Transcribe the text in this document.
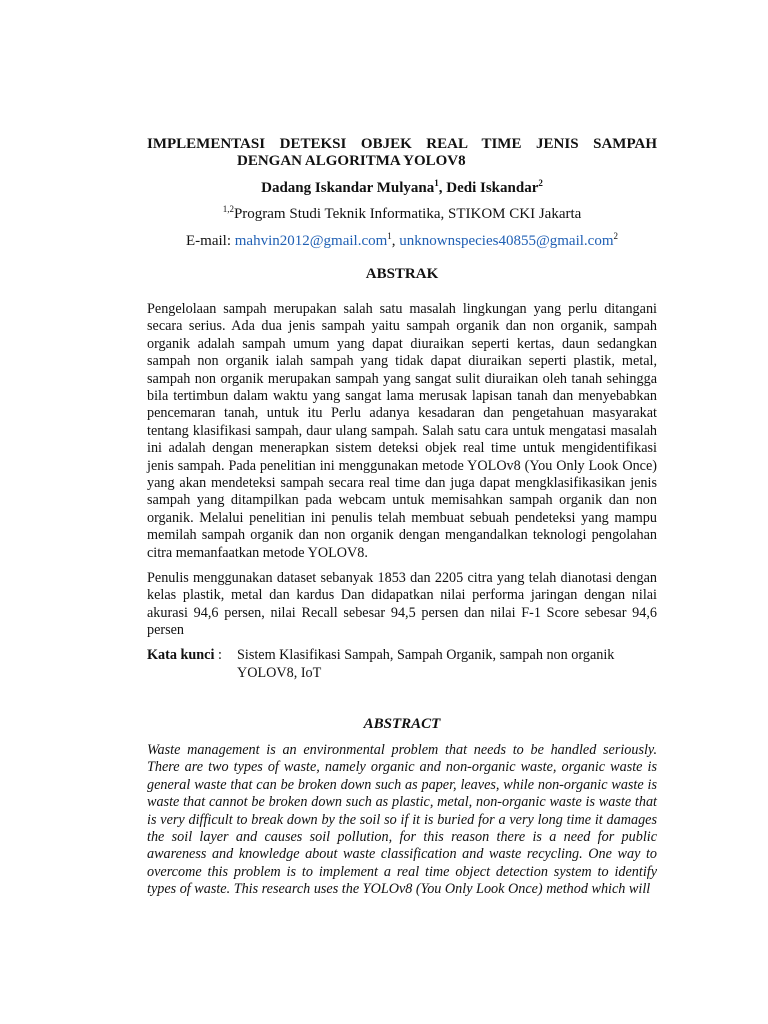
IMPLEMENTASI DETEKSI OBJEK REAL TIME JENIS SAMPAH
DENGAN ALGORITMA YOLOV8
Dadang Iskandar Mulyana$^1$, Dedi Iskandar$^2$
$^{1,2}$Program Studi Teknik Informatika, STIKOM CKI Jakarta
E-mail: mahvin2012@gmail.com$^1$, unknownspecies40855@gmail.com$^2$
ABSTRAK

Pengelolaan sampah merupakan salah satu masalah lingkungan yang perlu ditangani secara serius. Ada dua jenis sampah yaitu sampah organik dan non organik, sampah organik adalah sampah umum yang dapat diuraikan seperti kertas, daun sedangkan sampah non organik ialah sampah yang tidak dapat diuraikan seperti plastik, metal, sampah non organik merupakan sampah yang sangat sulit diuraikan oleh tanah sehingga bila tertimbun dalam waktu yang sangat lama merusak lapisan tanah dan menyebabkan pencemaran tanah, untuk itu Perlu adanya kesadaran dan pengetahuan masyarakat tentang klasifikasi sampah, daur ulang sampah. Salah satu cara untuk mengatasi masalah ini adalah dengan menerapkan sistem deteksi objek real time untuk mengidentifikasi jenis sampah. Pada penelitian ini menggunakan metode YOLOv8 (You Only Look Once) yang akan mendeteksi sampah secara real time dan juga dapat mengklasifikasikan jenis sampah yang ditampilkan pada webcam untuk memisahkan sampah organik dan non organik. Melalui penelitian ini penulis telah membuat sebuah pendeteksi yang mampu memilah sampah organik dan non organik dengan mengandalkan teknologi pengolahan citra memanfaatkan metode YOLOV8.

Penulis menggunakan dataset sebanyak 1853 dan 2205 citra yang telah dianotasi dengan kelas plastik, metal dan kardus Dan didapatkan nilai performa jaringan dengan nilai akurasi 94,6 persen, nilai Recall sebesar 94,5 persen dan nilai F-1 Score sebesar 94,6 persen

Kata kunci :	Sistem Klasifikasi Sampah, Sampah Organik, sampah non organik
YOLOV8, IoT
ABSTRACT

Waste management is an environmental problem that needs to be handled seriously. There are two types of waste, namely organic and non-organic waste, organic waste is general waste that can be broken down such as paper, leaves, while non-organic waste is waste that cannot be broken down such as plastic, metal, non-organic waste is waste that is very difficult to break down by the soil so if it is buried for a very long time it damages the soil layer and causes soil pollution, for this reason there is a need for public awareness and knowledge about waste classification and waste recycling. One way to overcome this problem is to implement a real time object detection system to identify types of waste. This research uses the YOLOv8 (You Only Look Once) method which will
